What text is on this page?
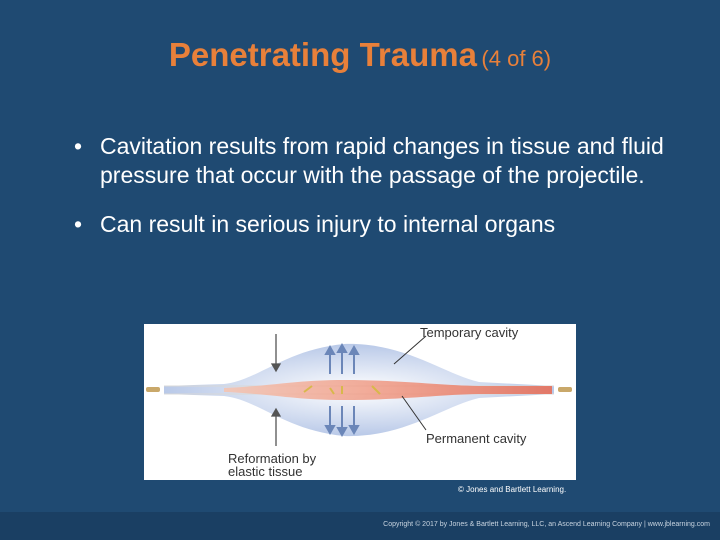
Penetrating Trauma (4 of 6)
• Cavitation results from rapid changes in tissue and fluid pressure that occur with the passage of the projectile.
• Can result in serious injury to internal organs
Temporary cavity
Permanent cavity
Reformation by
elastic tissue
© Jones and Bartlett Learning.
Copyright © 2017 by Jones & Bartlett Learning, LLC, an Ascend Learning Company | www.jblearning.com
